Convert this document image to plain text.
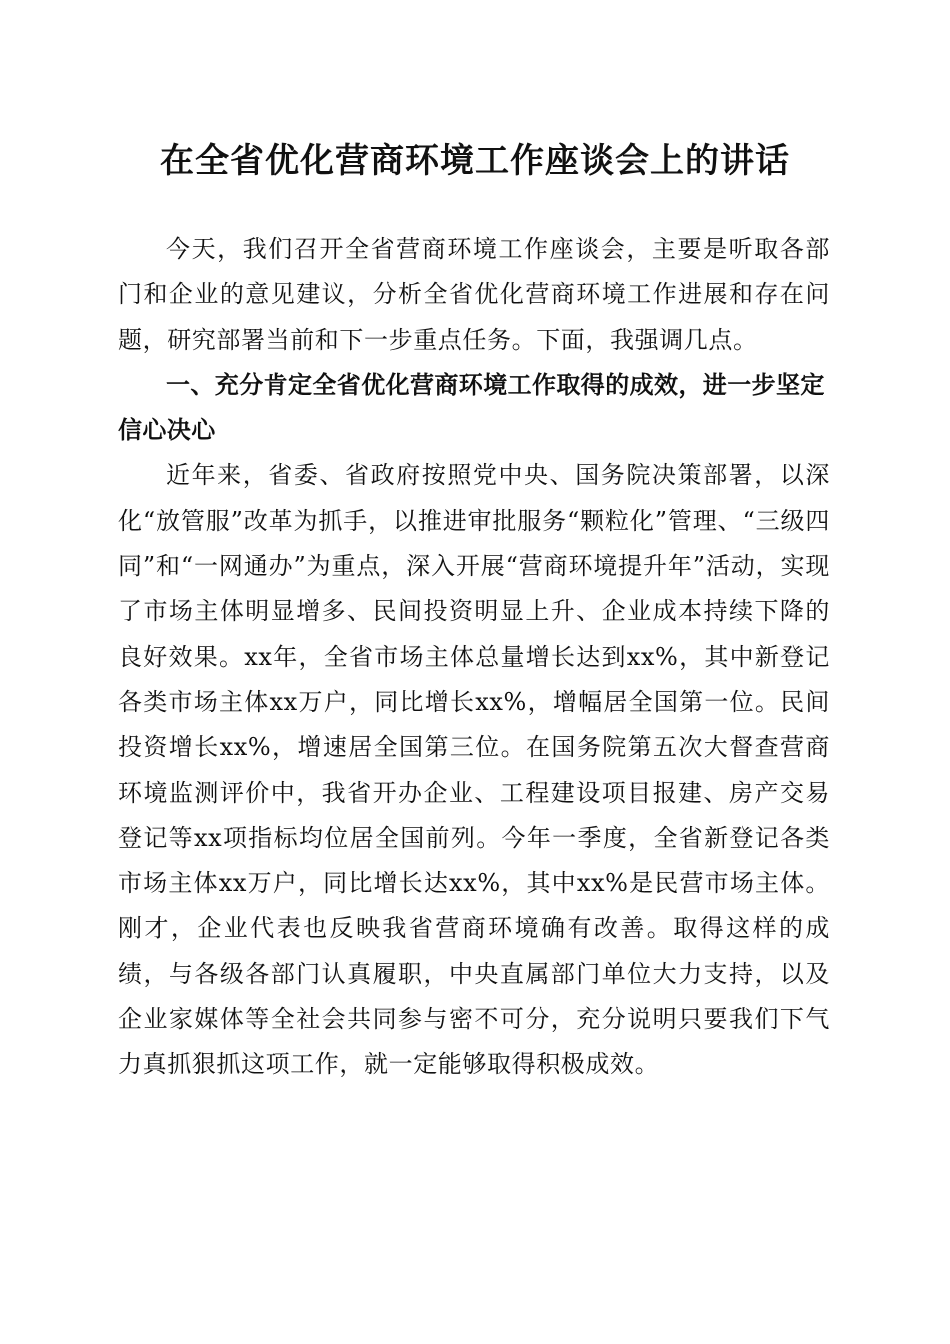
在全省优化营商环境工作座谈会上的讲话

今天，我们召开全省营商环境工作座谈会，主要是听取各部门和企业的意见建议，分析全省优化营商环境工作进展和存在问题，研究部署当前和下一步重点任务。下面，我强调几点。

一、充分肯定全省优化营商环境工作取得的成效，进一步坚定信心决心

近年来，省委、省政府按照党中央、国务院决策部署，以深化“放管服”改革为抓手，以推进审批服务“颗粒化”管理、“三级四同”和“一网通办”为重点，深入开展“营商环境提升年”活动，实现了市场主体明显增多、民间投资明显上升、企业成本持续下降的良好效果。xx年，全省市场主体总量增长达到xx%，其中新登记各类市场主体xx万户，同比增长xx%，增幅居全国第一位。民间投资增长xx%，增速居全国第三位。在国务院第五次大督查营商环境监测评价中，我省开办企业、工程建设项目报建、房产交易登记等xx项指标均位居全国前列。今年一季度，全省新登记各类市场主体xx万户，同比增长达xx%，其中xx%是民营市场主体。刚才，企业代表也反映我省营商环境确有改善。取得这样的成绩，与各级各部门认真履职，中央直属部门单位大力支持，以及企业家媒体等全社会共同参与密不可分，充分说明只要我们下气力真抓狠抓这项工作，就一定能够取得积极成效。
